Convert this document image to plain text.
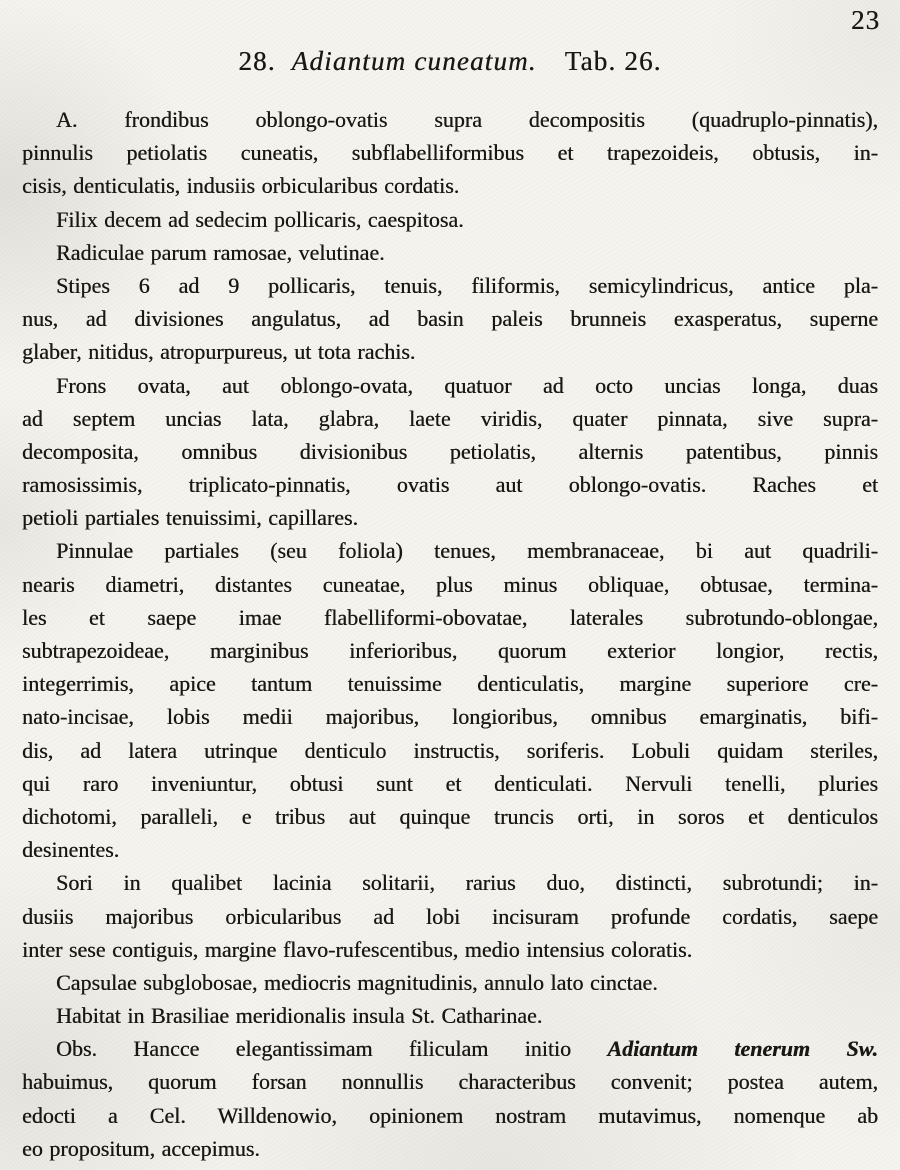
23
28. Adiantum cuneatum. Tab. 26.
A. frondibus oblongo-ovatis supra decompositis (quadruplo-pinnatis),
pinnulis petiolatis cuneatis, subflabelliformibus et trapezoideis, obtusis, in-
cisis, denticulatis, indusiis orbicularibus cordatis.
Filix decem ad sedecim pollicaris, caespitosa.
Radiculae parum ramosae, velutinae.
Stipes 6 ad 9 pollicaris, tenuis, filiformis, semicylindricus, antice pla-
nus, ad divisiones angulatus, ad basin paleis brunneis exasperatus, superne
glaber, nitidus, atropurpureus, ut tota rachis.
Frons ovata, aut oblongo-ovata, quatuor ad octo uncias longa, duas
ad septem uncias lata, glabra, laete viridis, quater pinnata, sive supra-
decomposita, omnibus divisionibus petiolatis, alternis patentibus, pinnis
ramosissimis, triplicato-pinnatis, ovatis aut oblongo-ovatis. Raches et
petioli partiales tenuissimi, capillares.
Pinnulae partiales (seu foliola) tenues, membranaceae, bi aut quadrili-
nearis diametri, distantes cuneatae, plus minus obliquae, obtusae, termina-
les et saepe imae flabelliformi-obovatae, laterales subrotundo-oblongae,
subtrapezoideae, marginibus inferioribus, quorum exterior longior, rectis,
integerrimis, apice tantum tenuissime denticulatis, margine superiore cre-
nato-incisae, lobis medii majoribus, longioribus, omnibus emarginatis, bifi-
dis, ad latera utrinque denticulo instructis, soriferis. Lobuli quidam steriles,
qui raro inveniuntur, obtusi sunt et denticulati. Nervuli tenelli, pluries
dichotomi, paralleli, e tribus aut quinque truncis orti, in soros et denticulos
desinentes.
Sori in qualibet lacinia solitarii, rarius duo, distincti, subrotundi; in-
dusiis majoribus orbicularibus ad lobi incisuram profunde cordatis, saepe
inter sese contiguis, margine flavo-rufescentibus, medio intensius coloratis.
Capsulae subglobosae, mediocris magnitudinis, annulo lato cinctae.
Habitat in Brasiliae meridionalis insula St. Catharinae.
Obs. Hancce elegantissimam filiculam initio Adiantum tenerum Sw.
habuimus, quorum forsan nonnullis characteribus convenit; postea autem,
edocti a Cel. Willdenowio, opinionem nostram mutavimus, nomenque ab
eo propositum, accepimus.
